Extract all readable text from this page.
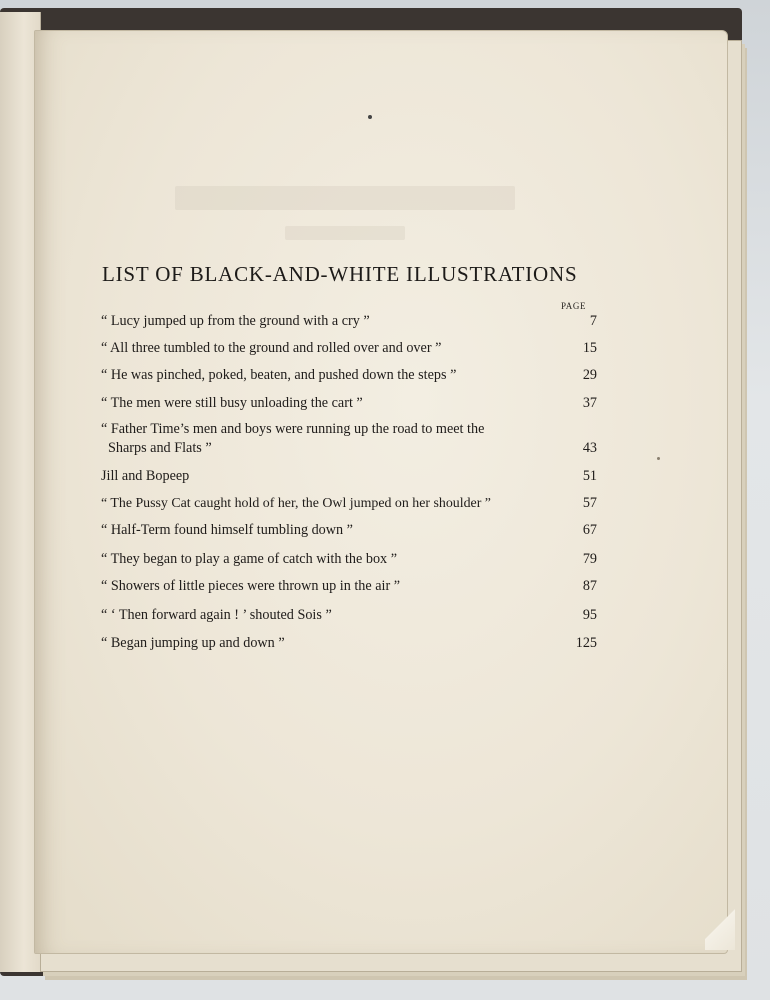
LIST OF BLACK-AND-WHITE ILLUSTRATIONS
PAGE
“ Lucy jumped up from the ground with a cry ”	7
“ All three tumbled to the ground and rolled over and over ”	15
“ He was pinched, poked, beaten, and pushed down the steps ”	29
“ The men were still busy unloading the cart ”	37
“ Father Time’s men and boys were running up the road to meet the
Sharps and Flats ”	43
Jill and Bopeep	51
“ The Pussy Cat caught hold of her, the Owl jumped on her shoulder ”	57
“ Half-Term found himself tumbling down ”	67
“ They began to play a game of catch with the box ”	79
“ Showers of little pieces were thrown up in the air ”	87
“ ‘ Then forward again ! ’ shouted Sois ”	95
“ Began jumping up and down ”	125
